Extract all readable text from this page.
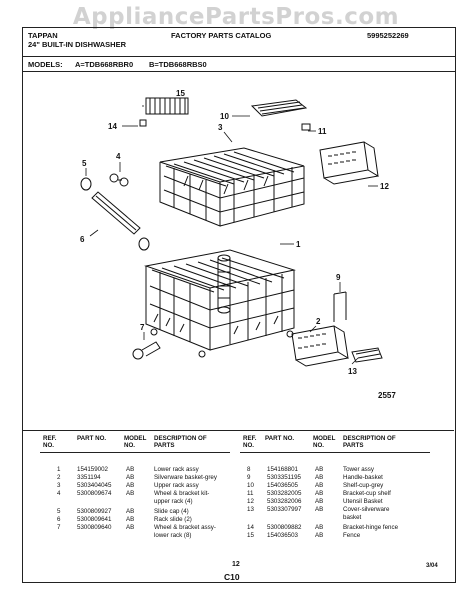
AppliancePartsPros.com
TAPPAN	FACTORY PARTS CATALOG	5995252269
24" BUILT-IN DISHWASHER
MODELS: A=TDB668RBR0 B=TDB668RBS0
15
14
10
3	11
5
4
12
6
1
9
2
7
13
2557
REF. NO.
PART NO.	MODEL NO.
DESCRIPTION OF PARTS
REF. NO.
PART NO.	MODEL NO.
DESCRIPTION OF PARTS
1	154159002	AB	Lower rack assy
2	3351194	AB	Silverware basket-grey
3	5303404045 AB	Upper rack assy
4	5300809674 AB	Wheel & bracket kit-
upper rack (4)
5	5300809927 AB	Slide cap (4)
6	5300809641 AB	Rack slide (2)
7	5300809640 AB	Wheel & bracket assy-
lower rack (8)
8	154168801	AB	Tower assy
9	5303351195 AB	Handle-basket
10 154036505	AB	Shelf-cup-grey
11 5303282005 AB	Bracket-cup shelf
12 5303282006 AB	Utensil Basket
13 5303307997 AB	Cover-silverware
basket
14 5300809882 AB	Bracket-hinge fence
15 154036503	AB	Fence
12
C10
3/04
